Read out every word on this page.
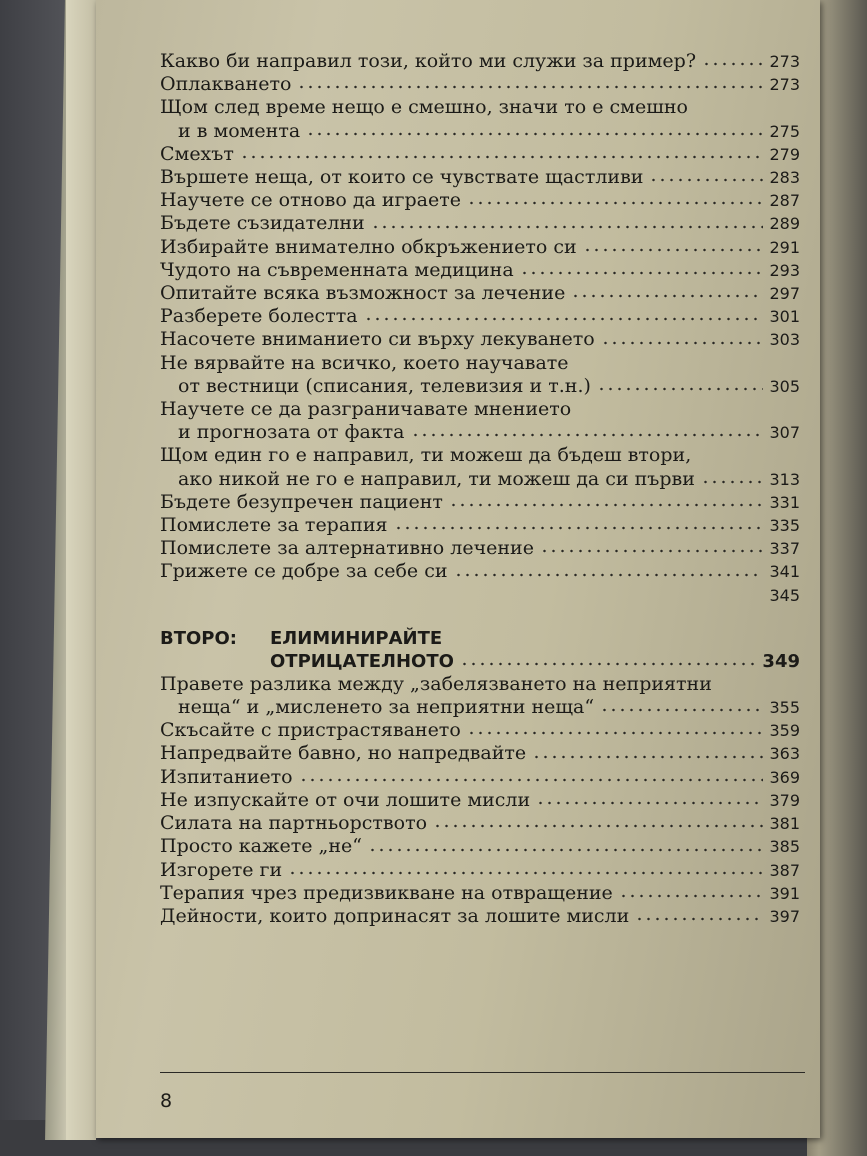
Какво би направил този, който ми служи за пример?	273
Оплакването	273
Щом след време нещо е смешно, значи то е смешно
и в момента	275
Смехът	279
Вършете неща, от които се чувствате щастливи	283
Научете се отново да играете	287
Бъдете съзидателни	289
Избирайте внимателно обкръжението си	291
Чудото на съвременната медицина	293
Опитайте всяка възможност за лечение	297
Разберете болестта	301
Насочете вниманието си върху лекуването	303
Не вярвайте на всичко, което научавате
от вестници (списания, телевизия и т.н.)	305
Научете се да разграничавате мнението
и прогнозата от факта	307
Щом един го е направил, ти можеш да бъдеш втори,
ако никой не го е направил, ти можеш да си първи	313
Бъдете безупречен пациент	331
Помислете за терапия	335
Помислете за алтернативно лечение	337
Грижете се добре за себе си	341
345
ВТОРО:	ЕЛИМИНИРАЙТЕ
ОТРИЦАТЕЛНОТО	349
Правете разлика между „забелязването на неприятни
неща“ и „мисленето за неприятни неща“	355
Скъсайте с пристрастяването	359
Напредвайте бавно, но напредвайте	363
Изпитанието	369
Не изпускайте от очи лошите мисли	379
Силата на партньорството	381
Просто кажете „не“	385
Изгорете ги	387
Терапия чрез предизвикване на отвращение	391
Дейности, които допринасят за лошите мисли	397
8
